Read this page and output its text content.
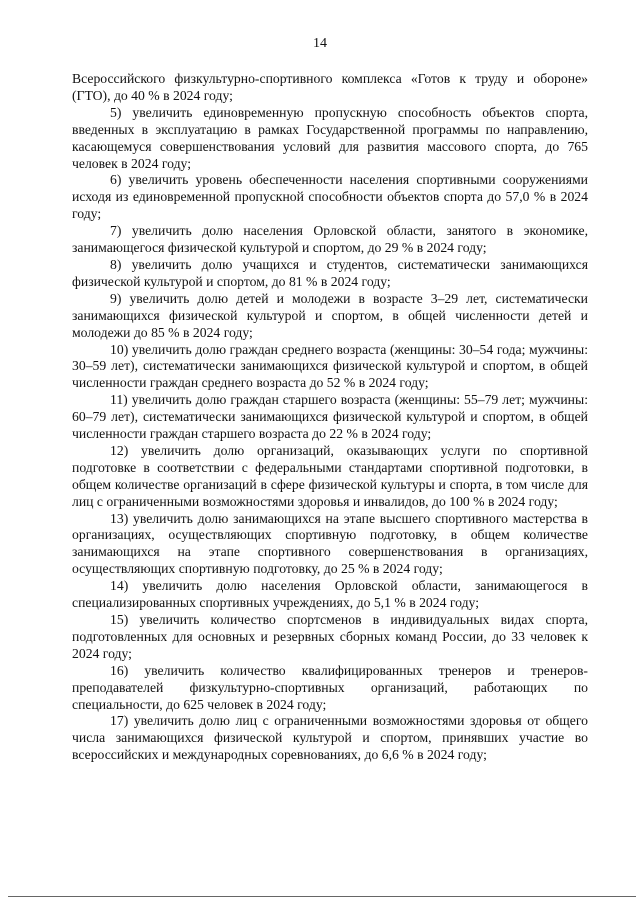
14

Всероссийского физкультурно-спортивного комплекса «Готов к труду и обороне» (ГТО), до 40 % в 2024 году;

5) увеличить единовременную пропускную способность объектов спорта, введенных в эксплуатацию в рамках Государственной программы по направлению, касающемуся совершенствования условий для развития массового спорта, до 765 человек в 2024 году;

6) увеличить уровень обеспеченности населения спортивными сооружениями исходя из единовременной пропускной способности объектов спорта до 57,0 % в 2024 году;

7) увеличить долю населения Орловской области, занятого в экономике, занимающегося физической культурой и спортом, до 29 % в 2024 году;

8) увеличить долю учащихся и студентов, систематически занимающихся физической культурой и спортом, до 81 % в 2024 году;

9) увеличить долю детей и молодежи в возрасте 3–29 лет, систематически занимающихся физической культурой и спортом, в общей численности детей и молодежи до 85 % в 2024 году;

10) увеличить долю граждан среднего возраста (женщины: 30–54 года; мужчины: 30–59 лет), систематически занимающихся физической культурой и спортом, в общей численности граждан среднего возраста до 52 % в 2024 году;

11) увеличить долю граждан старшего возраста (женщины: 55–79 лет; мужчины: 60–79 лет), систематически занимающихся физической культурой и спортом, в общей численности граждан старшего возраста до 22 % в 2024 году;

12) увеличить долю организаций, оказывающих услуги по спортивной подготовке в соответствии с федеральными стандартами спортивной подготовки, в общем количестве организаций в сфере физической культуры и спорта, в том числе для лиц с ограниченными возможностями здоровья и инвалидов, до 100 % в 2024 году;

13) увеличить долю занимающихся на этапе высшего спортивного мастерства в организациях, осуществляющих спортивную подготовку, в общем количестве занимающихся на этапе спортивного совершенствования в организациях, осуществляющих спортивную подготовку, до 25 % в 2024 году;

14) увеличить долю населения Орловской области, занимающегося в специализированных спортивных учреждениях, до 5,1 % в 2024 году;

15) увеличить количество спортсменов в индивидуальных видах спорта, подготовленных для основных и резервных сборных команд России, до 33 человек к 2024 году;

16) увеличить количество квалифицированных тренеров и тренеров-преподавателей физкультурно-спортивных организаций, работающих по специальности, до 625 человек в 2024 году;

17) увеличить долю лиц с ограниченными возможностями здоровья от общего числа занимающихся физической культурой и спортом, принявших участие во всероссийских и международных соревнованиях, до 6,6 % в 2024 году;
